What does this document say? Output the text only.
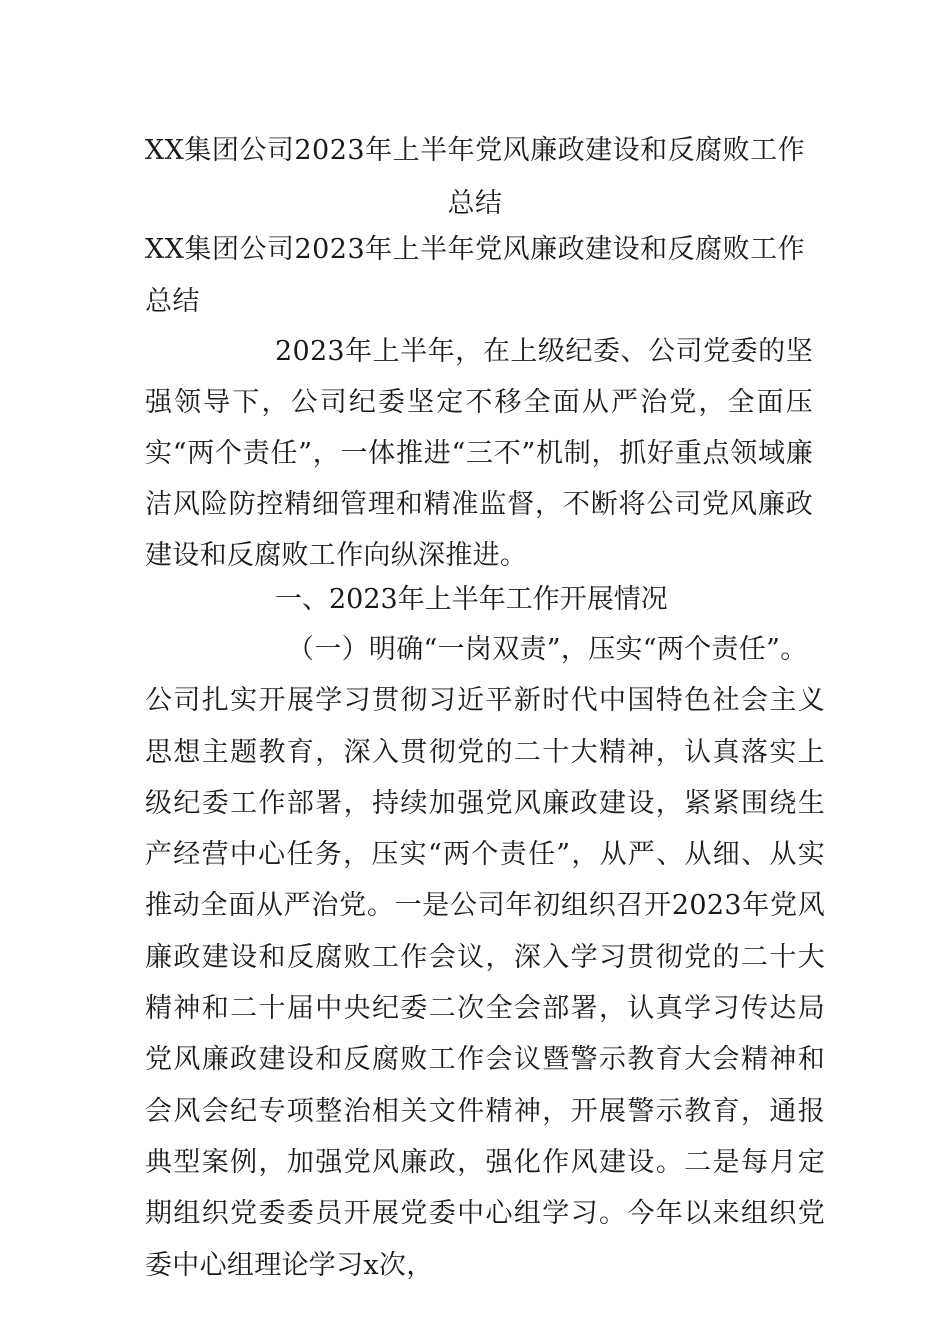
XX集团公司2023年上半年党风廉政建设和反腐败工作总结
XX集团公司2023年上半年党风廉政建设和反腐败工作总结
2023年上半年，在上级纪委、公司党委的坚强领导下，公司纪委坚定不移全面从严治党，全面压实“两个责任”，一体推进“三不”机制，抓好重点领域廉洁风险防控精细管理和精准监督，不断将公司党风廉政建设和反腐败工作向纵深推进。
一、2023年上半年工作开展情况
（一）明确“一岗双责”，压实“两个责任”。
公司扎实开展学习贯彻习近平新时代中国特色社会主义思想主题教育，深入贯彻党的二十大精神，认真落实上级纪委工作部署，持续加强党风廉政建设，紧紧围绕生产经营中心任务，压实“两个责任”，从严、从细、从实推动全面从严治党。一是公司年初组织召开2023年党风廉政建设和反腐败工作会议，深入学习贯彻党的二十大精神和二十届中央纪委二次全会部署，认真学习传达局党风廉政建设和反腐败工作会议暨警示教育大会精神和会风会纪专项整治相关文件精神，开展警示教育，通报典型案例，加强党风廉政，强化作风建设。二是每月定期组织党委委员开展党委中心组学习。今年以来组织党委中心组理论学习x次，
